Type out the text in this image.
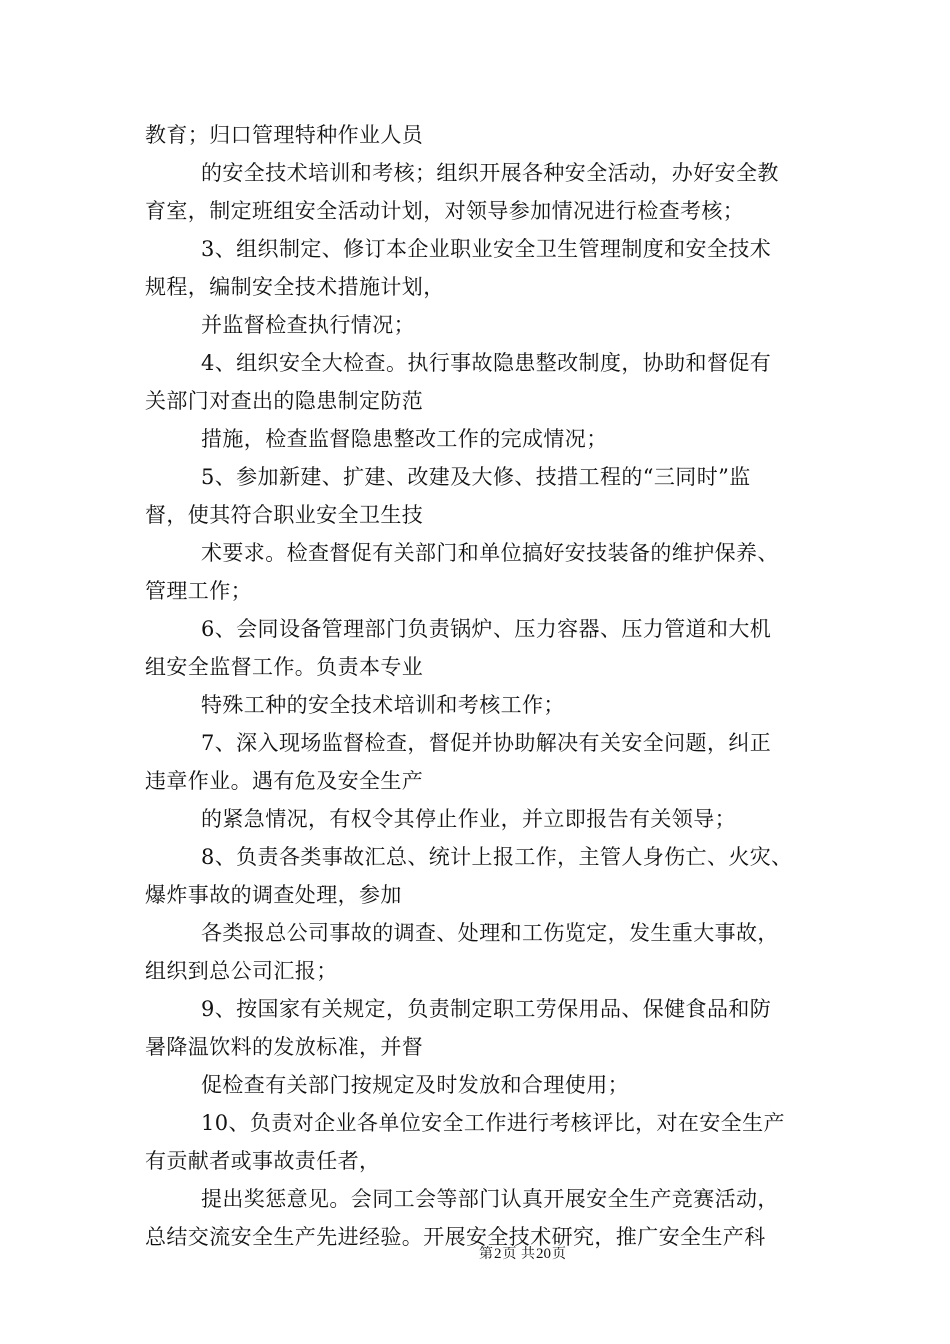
教育；归口管理特种作业人员
的安全技术培训和考核；组织开展各种安全活动，办好安全教
育室，制定班组安全活动计划，对领导参加情况进行检查考核；
3、组织制定、修订本企业职业安全卫生管理制度和安全技术
规程，编制安全技术措施计划，
并监督检查执行情况；
4、组织安全大检查。执行事故隐患整改制度，协助和督促有
关部门对查出的隐患制定防范
措施，检查监督隐患整改工作的完成情况；
5、参加新建、扩建、改建及大修、技措工程的“三同时”监
督，使其符合职业安全卫生技
术要求。检查督促有关部门和单位搞好安技装备的维护保养、
管理工作；
6、会同设备管理部门负责锅炉、压力容器、压力管道和大机
组安全监督工作。负责本专业
特殊工种的安全技术培训和考核工作；
7、深入现场监督检查，督促并协助解决有关安全问题，纠正
违章作业。遇有危及安全生产
的紧急情况，有权令其停止作业，并立即报告有关领导；
8、负责各类事故汇总、统计上报工作，主管人身伤亡、火灾、
爆炸事故的调查处理，参加
各类报总公司事故的调查、处理和工伤览定，发生重大事故，
组织到总公司汇报；
9、按国家有关规定，负责制定职工劳保用品、保健食品和防
暑降温饮料的发放标准，并督
促检查有关部门按规定及时发放和合理使用；
10、负责对企业各单位安全工作进行考核评比，对在安全生产
有贡献者或事故责任者，
提出奖惩意见。会同工会等部门认真开展安全生产竞赛活动，
总结交流安全生产先进经验。开展安全技术研究，推广安全生产科
第2页 共20页
